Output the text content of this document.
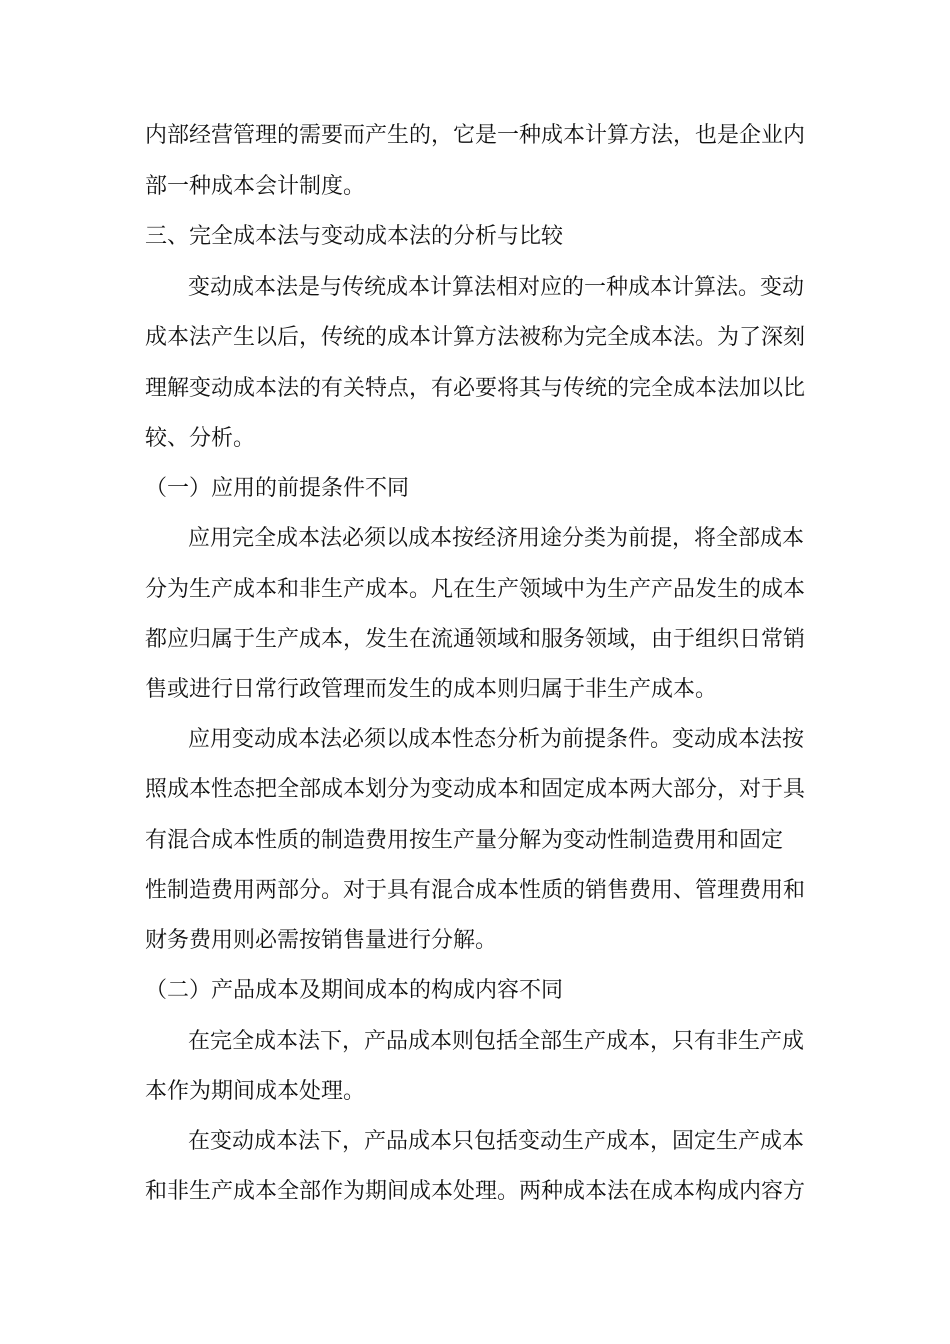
内部经营管理的需要而产生的，它是一种成本计算方法，也是企业内
部一种成本会计制度。
三、完全成本法与变动成本法的分析与比较
变动成本法是与传统成本计算法相对应的一种成本计算法。变动
成本法产生以后，传统的成本计算方法被称为完全成本法。为了深刻
理解变动成本法的有关特点，有必要将其与传统的完全成本法加以比
较、分析。
（一）应用的前提条件不同
应用完全成本法必须以成本按经济用途分类为前提，将全部成本
分为生产成本和非生产成本。凡在生产领域中为生产产品发生的成本
都应归属于生产成本，发生在流通领域和服务领域，由于组织日常销
售或进行日常行政管理而发生的成本则归属于非生产成本。
应用变动成本法必须以成本性态分析为前提条件。变动成本法按
照成本性态把全部成本划分为变动成本和固定成本两大部分，对于具
有混合成本性质的制造费用按生产量分解为变动性制造费用和固定
性制造费用两部分。对于具有混合成本性质的销售费用、管理费用和
财务费用则必需按销售量进行分解。
（二）产品成本及期间成本的构成内容不同
在完全成本法下，产品成本则包括全部生产成本，只有非生产成
本作为期间成本处理。
在变动成本法下，产品成本只包括变动生产成本，固定生产成本
和非生产成本全部作为期间成本处理。两种成本法在成本构成内容方
